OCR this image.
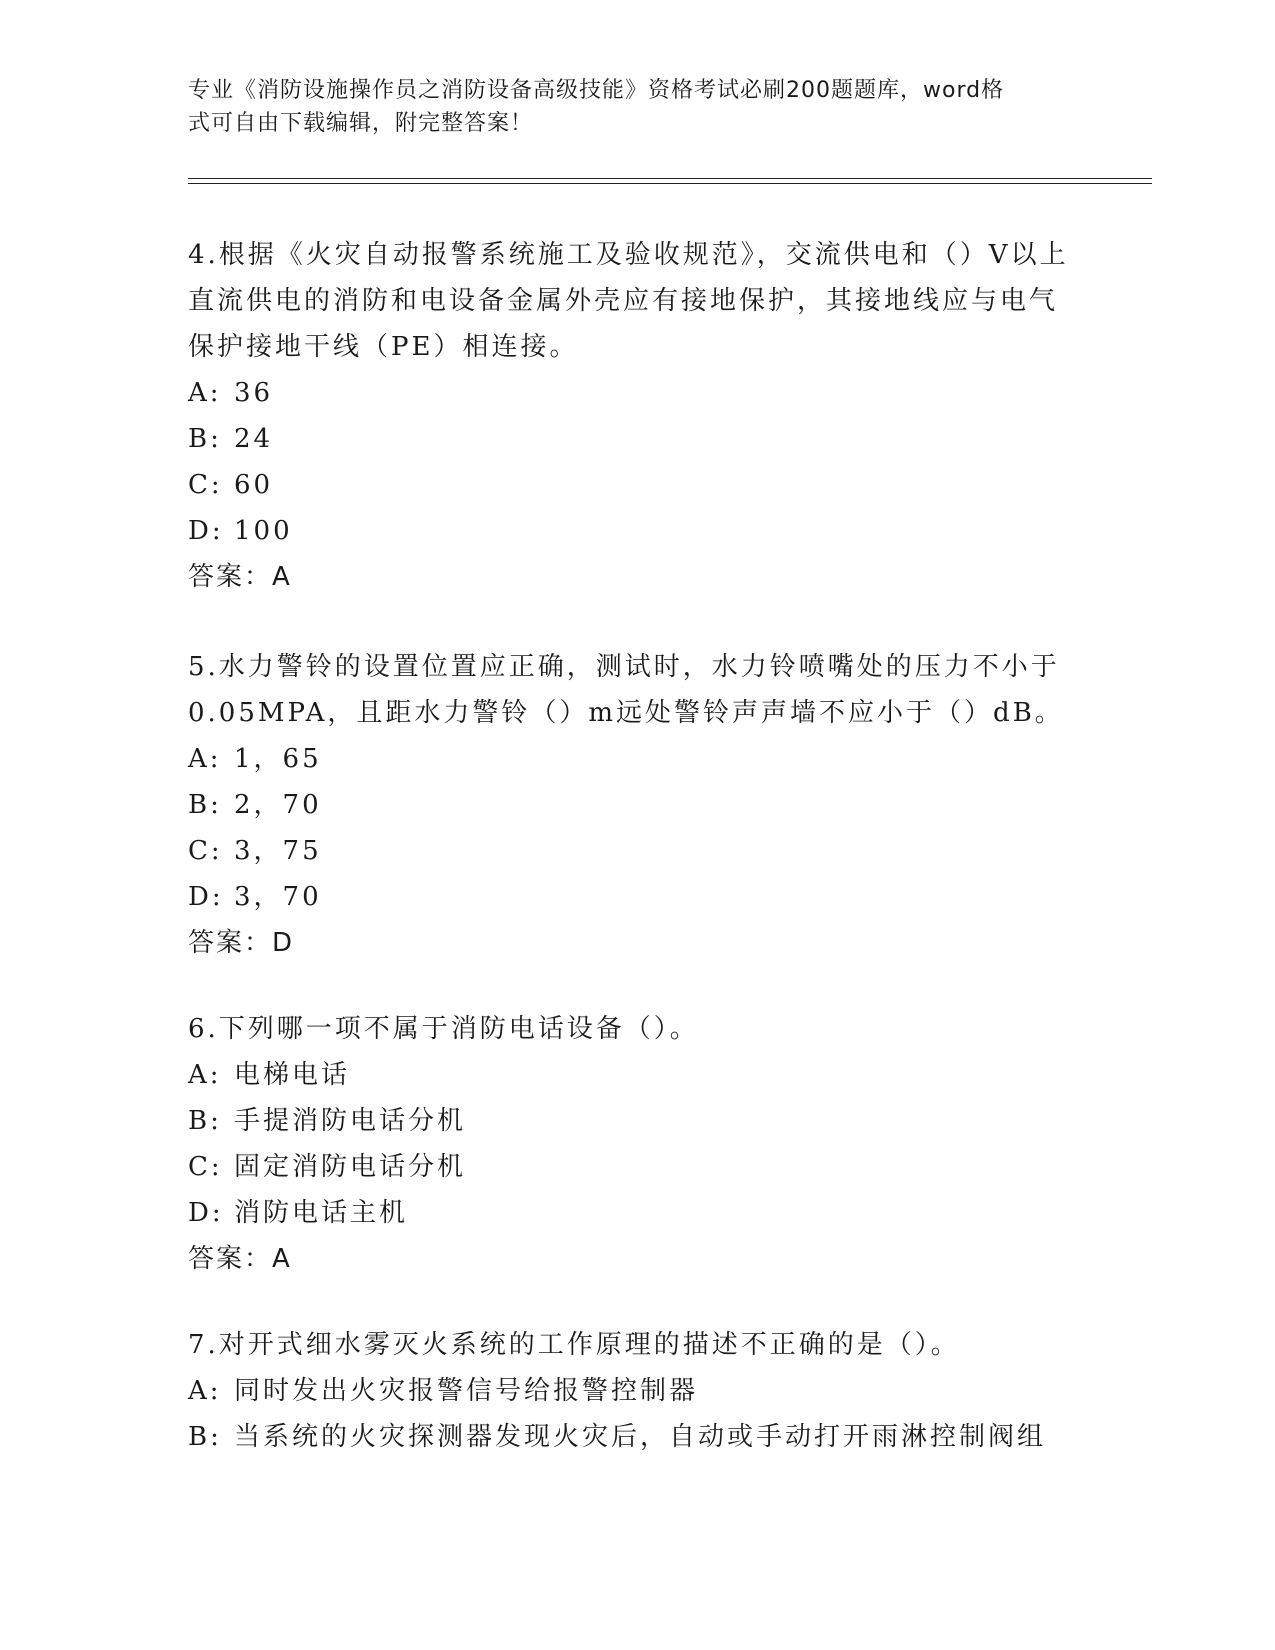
专业《消防设施操作员之消防设备高级技能》资格考试必刷200题题库，word格
式可自由下载编辑，附完整答案！

4.根据《火灾自动报警系统施工及验收规范》，交流供电和（）V以上

直流供电的消防和电设备金属外壳应有接地保护，其接地线应与电气

保护接地干线（PE）相连接。

A: 36

B: 24

C: 60

D: 100

答案：A

5.水力警铃的设置位置应正确，测试时，水力铃喷嘴处的压力不小于

0.05MPA，且距水力警铃（）m远处警铃声声墙不应小于（）dB。

A: 1，65

B: 2，70

C: 3，75

D: 3，70

答案：D

6.下列哪一项不属于消防电话设备（）。

A: 电梯电话

B: 手提消防电话分机

C: 固定消防电话分机

D: 消防电话主机

答案：A

7.对开式细水雾灭火系统的工作原理的描述不正确的是（）。

A: 同时发出火灾报警信号给报警控制器

B: 当系统的火灾探测器发现火灾后，自动或手动打开雨淋控制阀组
